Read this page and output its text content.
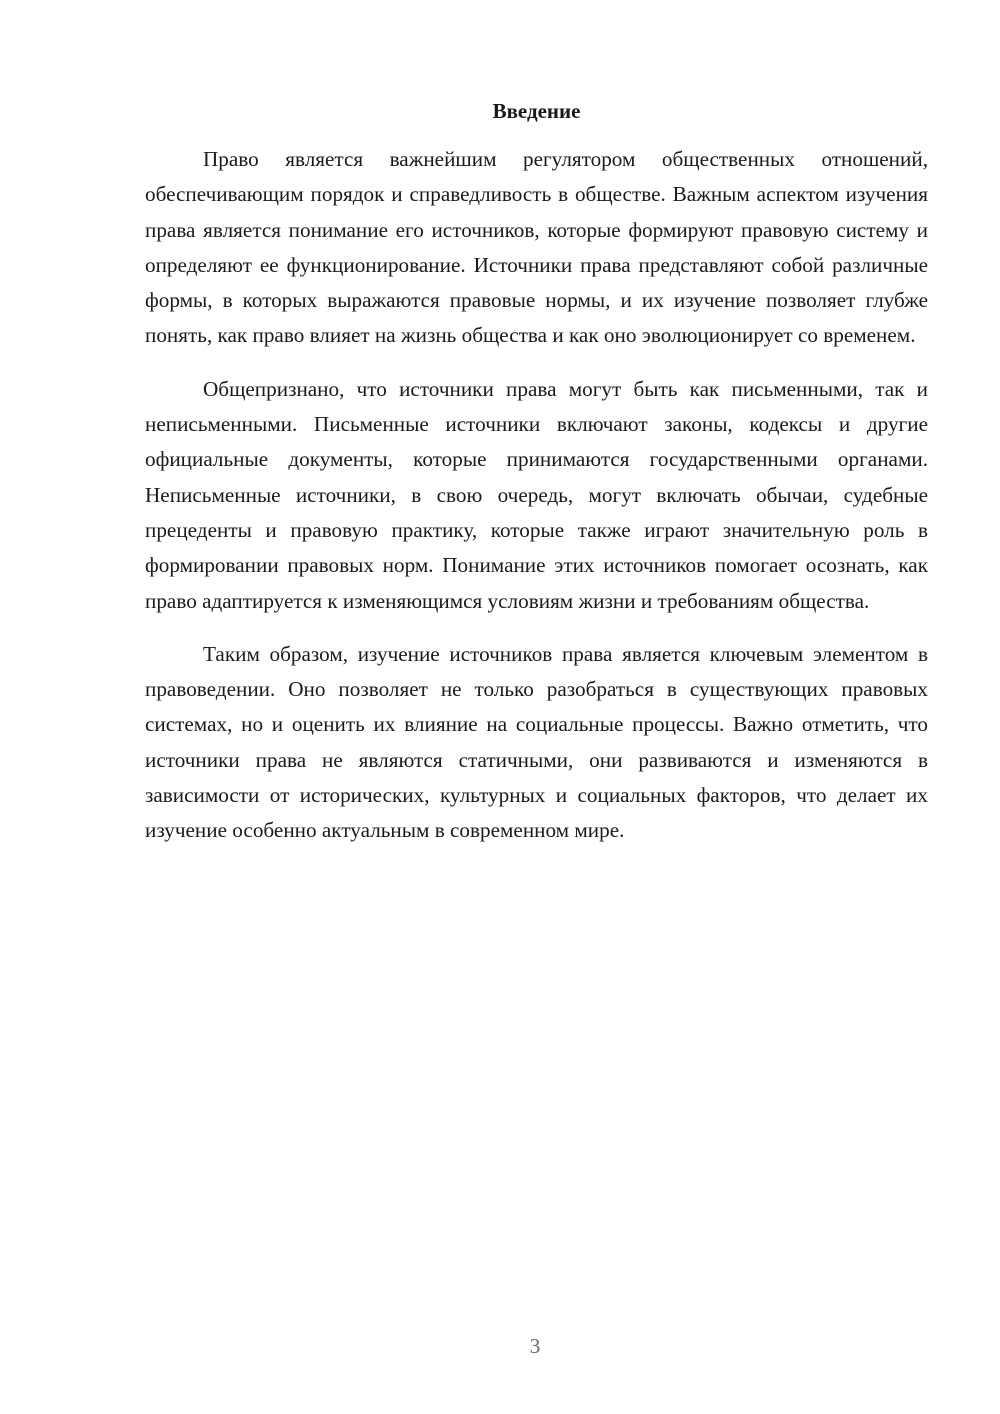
Введение

Право является важнейшим регулятором общественных отношений, обеспечивающим порядок и справедливость в обществе. Важным аспектом изучения права является понимание его источников, которые формируют правовую систему и определяют ее функционирование. Источники права представляют собой различные формы, в которых выражаются правовые нормы, и их изучение позволяет глубже понять, как право влияет на жизнь общества и как оно эволюционирует со временем.

Общепризнано, что источники права могут быть как письменными, так и неписьменными. Письменные источники включают законы, кодексы и другие официальные документы, которые принимаются государственными органами. Неписьменные источники, в свою очередь, могут включать обычаи, судебные прецеденты и правовую практику, которые также играют значительную роль в формировании правовых норм. Понимание этих источников помогает осознать, как право адаптируется к изменяющимся условиям жизни и требованиям общества.

Таким образом, изучение источников права является ключевым элементом в правоведении. Оно позволяет не только разобраться в существующих правовых системах, но и оценить их влияние на социальные процессы. Важно отметить, что источники права не являются статичными, они развиваются и изменяются в зависимости от исторических, культурных и социальных факторов, что делает их изучение особенно актуальным в современном мире.

3
